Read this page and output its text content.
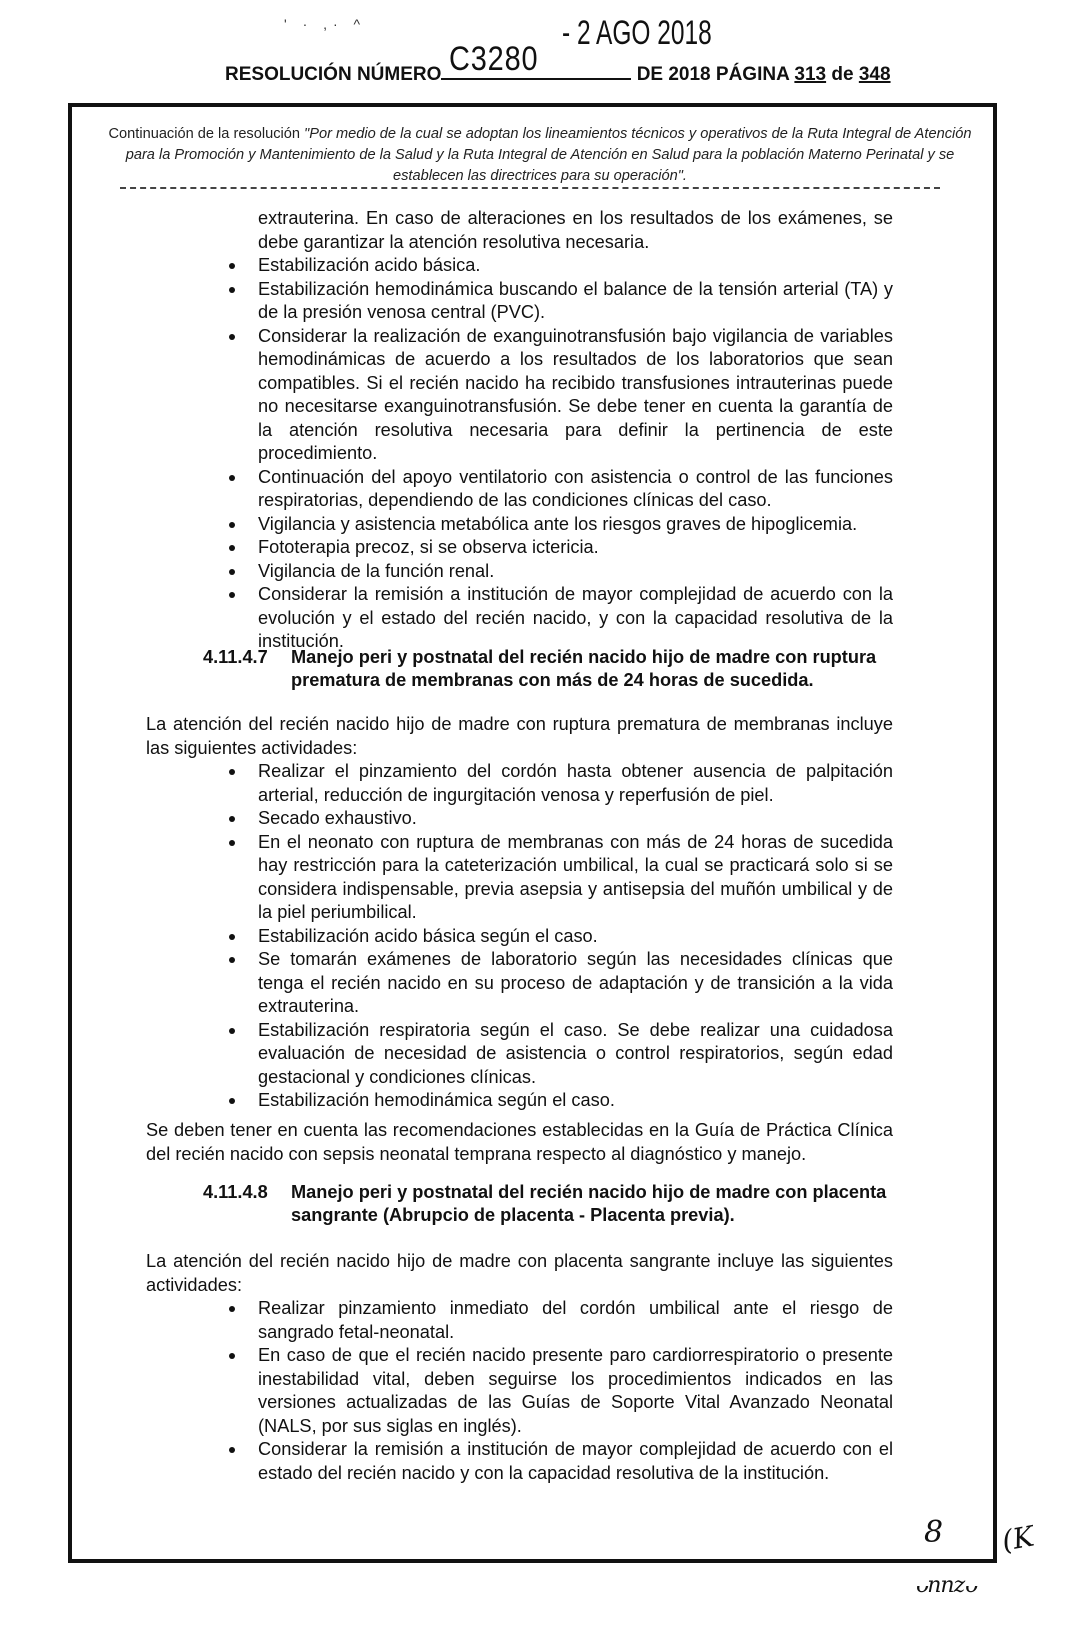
' · ,· ^	- 2 AGO 2018
RESOLUCIÓN NÚMERO C3280	DE 2018 PÁGINA 313 de 348
Continuación de la resolución "Por medio de la cual se adoptan los lineamientos técnicos y operativos de la Ruta Integral de Atención para la Promoción y Mantenimiento de la Salud y la Ruta Integral de Atención en Salud para la población Materno Perinatal y se establecen las directrices para su operación".
extrauterina. En caso de alteraciones en los resultados de los exámenes, se debe garantizar la atención resolutiva necesaria.
Estabilización acido básica.
Estabilización hemodinámica buscando el balance de la tensión arterial (TA) y de la presión venosa central (PVC).
Considerar la realización de exanguinotransfusión bajo vigilancia de variables hemodinámicas de acuerdo a los resultados de los laboratorios que sean compatibles. Si el recién nacido ha recibido transfusiones intrauterinas puede no necesitarse exanguinotransfusión. Se debe tener en cuenta la garantía de la atención resolutiva necesaria para definir la pertinencia de este procedimiento.
Continuación del apoyo ventilatorio con asistencia o control de las funciones respiratorias, dependiendo de las condiciones clínicas del caso.
Vigilancia y asistencia metabólica ante los riesgos graves de hipoglicemia.
Fototerapia precoz, si se observa ictericia.
Vigilancia de la función renal.
Considerar la remisión a institución de mayor complejidad de acuerdo con la evolución y el estado del recién nacido, y con la capacidad resolutiva de la institución.
4.11.4.7 Manejo peri y postnatal del recién nacido hijo de madre con ruptura
prematura de membranas con más de 24 horas de sucedida.
La atención del recién nacido hijo de madre con ruptura prematura de membranas incluye las siguientes actividades:
Realizar el pinzamiento del cordón hasta obtener ausencia de palpitación arterial, reducción de ingurgitación venosa y reperfusión de piel.
Secado exhaustivo.
En el neonato con ruptura de membranas con más de 24 horas de sucedida hay restricción para la cateterización umbilical, la cual se practicará solo si se considera indispensable, previa asepsia y antisepsia del muñón umbilical y de la piel periumbilical.
Estabilización acido básica según el caso.
Se tomarán exámenes de laboratorio según las necesidades clínicas que tenga el recién nacido en su proceso de adaptación y de transición a la vida extrauterina.
Estabilización respiratoria según el caso. Se debe realizar una cuidadosa evaluación de necesidad de asistencia o control respiratorios, según edad gestacional y condiciones clínicas.
Estabilización hemodinámica según el caso.
Se deben tener en cuenta las recomendaciones establecidas en la Guía de Práctica Clínica del recién nacido con sepsis neonatal temprana respecto al diagnóstico y manejo.
4.11.4.8 Manejo peri y postnatal del recién nacido hijo de madre con placenta
sangrante (Abrupcio de placenta - Placenta previa).
La atención del recién nacido hijo de madre con placenta sangrante incluye las siguientes actividades:
Realizar pinzamiento inmediato del cordón umbilical ante el riesgo de sangrado fetal-neonatal.
En caso de que el recién nacido presente paro cardiorrespiratorio o presente inestabilidad vital, deben seguirse los procedimientos indicados en las versiones actualizadas de las Guías de Soporte Vital Avanzado Neonatal (NALS, por sus siglas en inglés).
Considerar la remisión a institución de mayor complejidad de acuerdo con el estado del recién nacido y con la capacidad resolutiva de la institución.
8 (K
ᴗnnzᴗ
